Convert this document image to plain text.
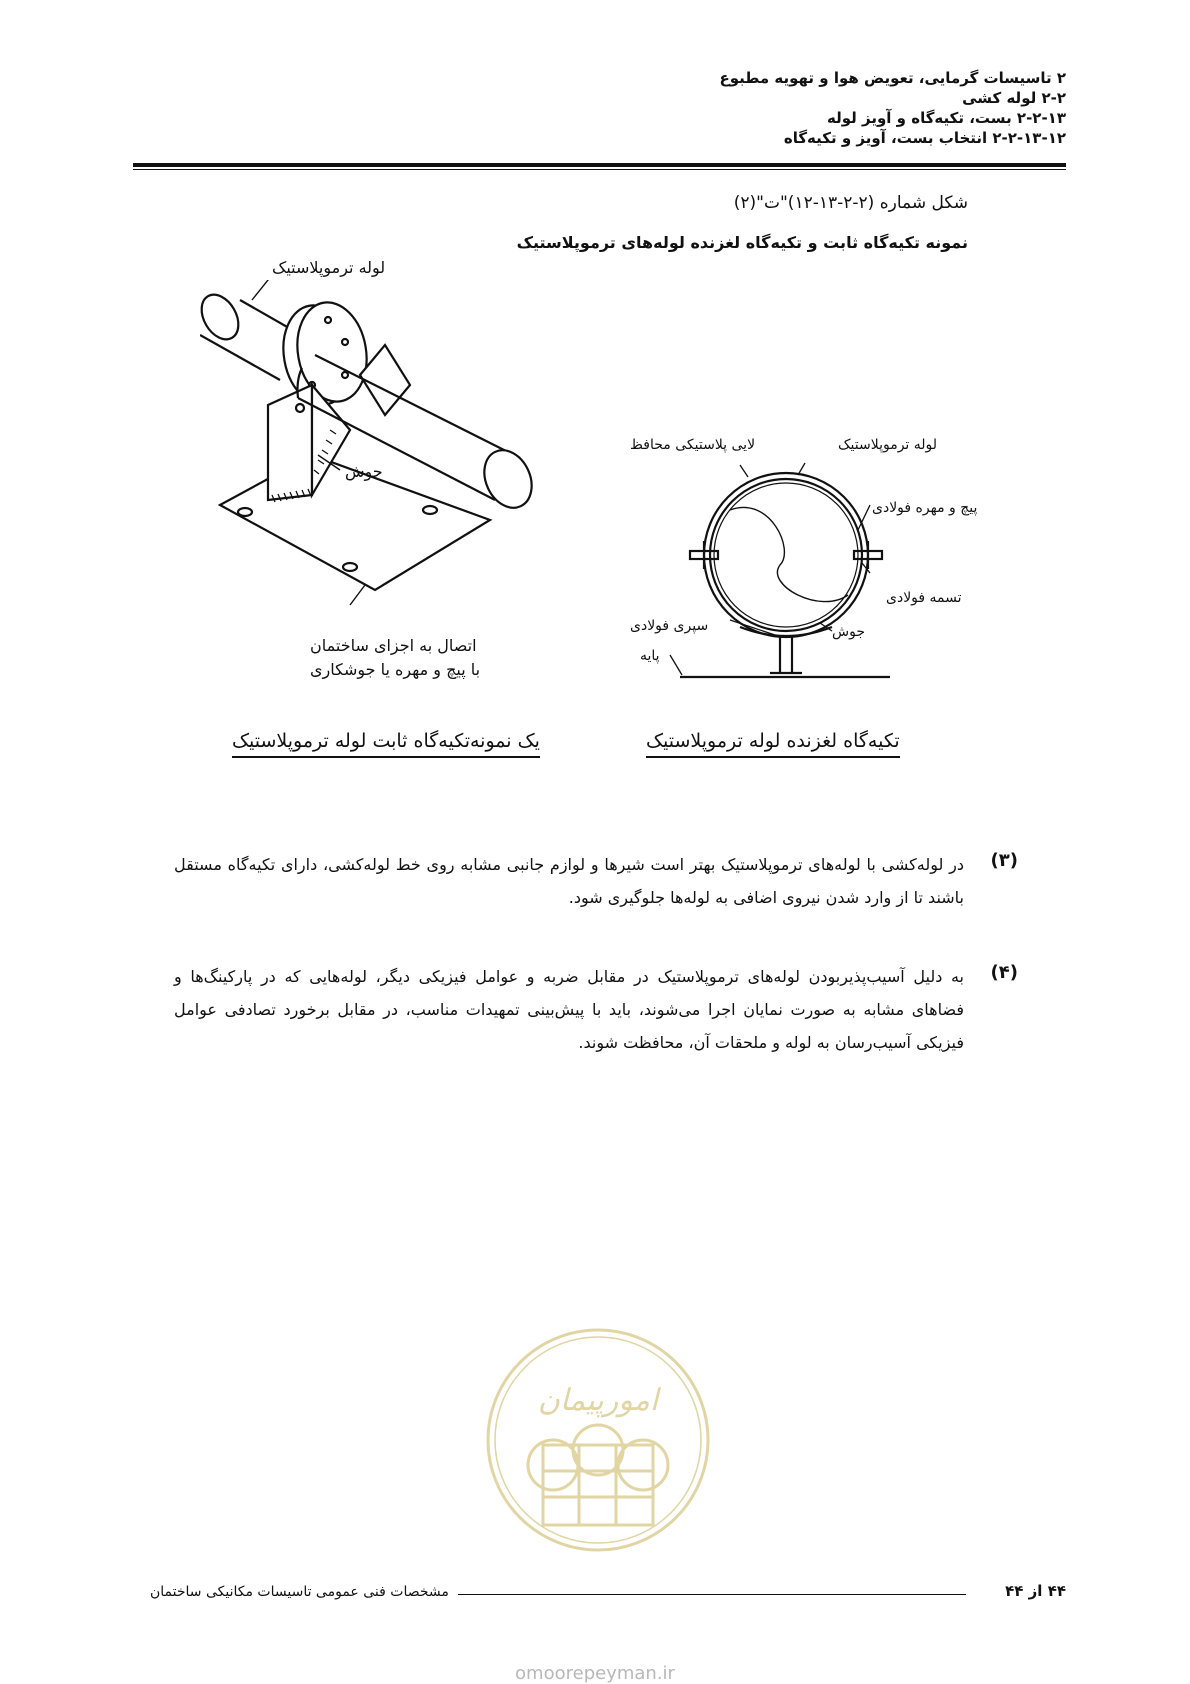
۲ تاسیسات گرمایی، تعویض هوا و تهویه مطبوع
۲-۲ لوله کشی
۲-۲-۱۳ بست، تکیه‌گاه و آویز لوله
۲-۲-۱۳-۱۲ انتخاب بست، آویز و تکیه‌گاه
شکل شماره (۲-۲-۱۳-۱۲)"ت"(۲)
نمونه تکیه‌گاه ثابت و تکیه‌گاه لغزنده لوله‌های ترموپلاستیک
لوله ترموپلاستیک
جوش
اتصال به اجزای ساختمان
با پیچ و مهره یا جوشکاری
یک نمونه‌تکیه‌گاه ثابت لوله ترموپلاستیک
لایی پلاستیکی محافظ	لوله ترموپلاستیک
پیچ و مهره فولادی
تسمه فولادی
جوش
سپری فولادی
پایه
تکیه‌گاه لغزنده لوله ترموپلاستیک
(۳)
در لوله‌کشی با لوله‌های ترموپلاستیک بهتر است شیرها و لوازم جانبی مشابه روی خط لوله‌کشی، دارای تکیه‌گاه مستقل باشند تا از وارد شدن نیروی اضافی به لوله‌ها جلوگیری شود.
(۴)
به دلیل آسیب‌پذیربودن لوله‌های ترموپلاستیک در مقابل ضربه و عوامل فیزیکی دیگر، لوله‌هایی که در پارکینگ‌ها و فضاهای مشابه به صورت نمایان اجرا می‌شوند، باید با پیش‌بینی تمهیدات مناسب، در مقابل برخورد تصادفی عوامل فیزیکی آسیب‌رسان به لوله و ملحقات آن، محافظت شوند.
امورپیمان
مشخصات فنی عمومی تاسیسات مکانیکی ساختمان	۴۴ از ۴۴
omoorepeyman.ir
